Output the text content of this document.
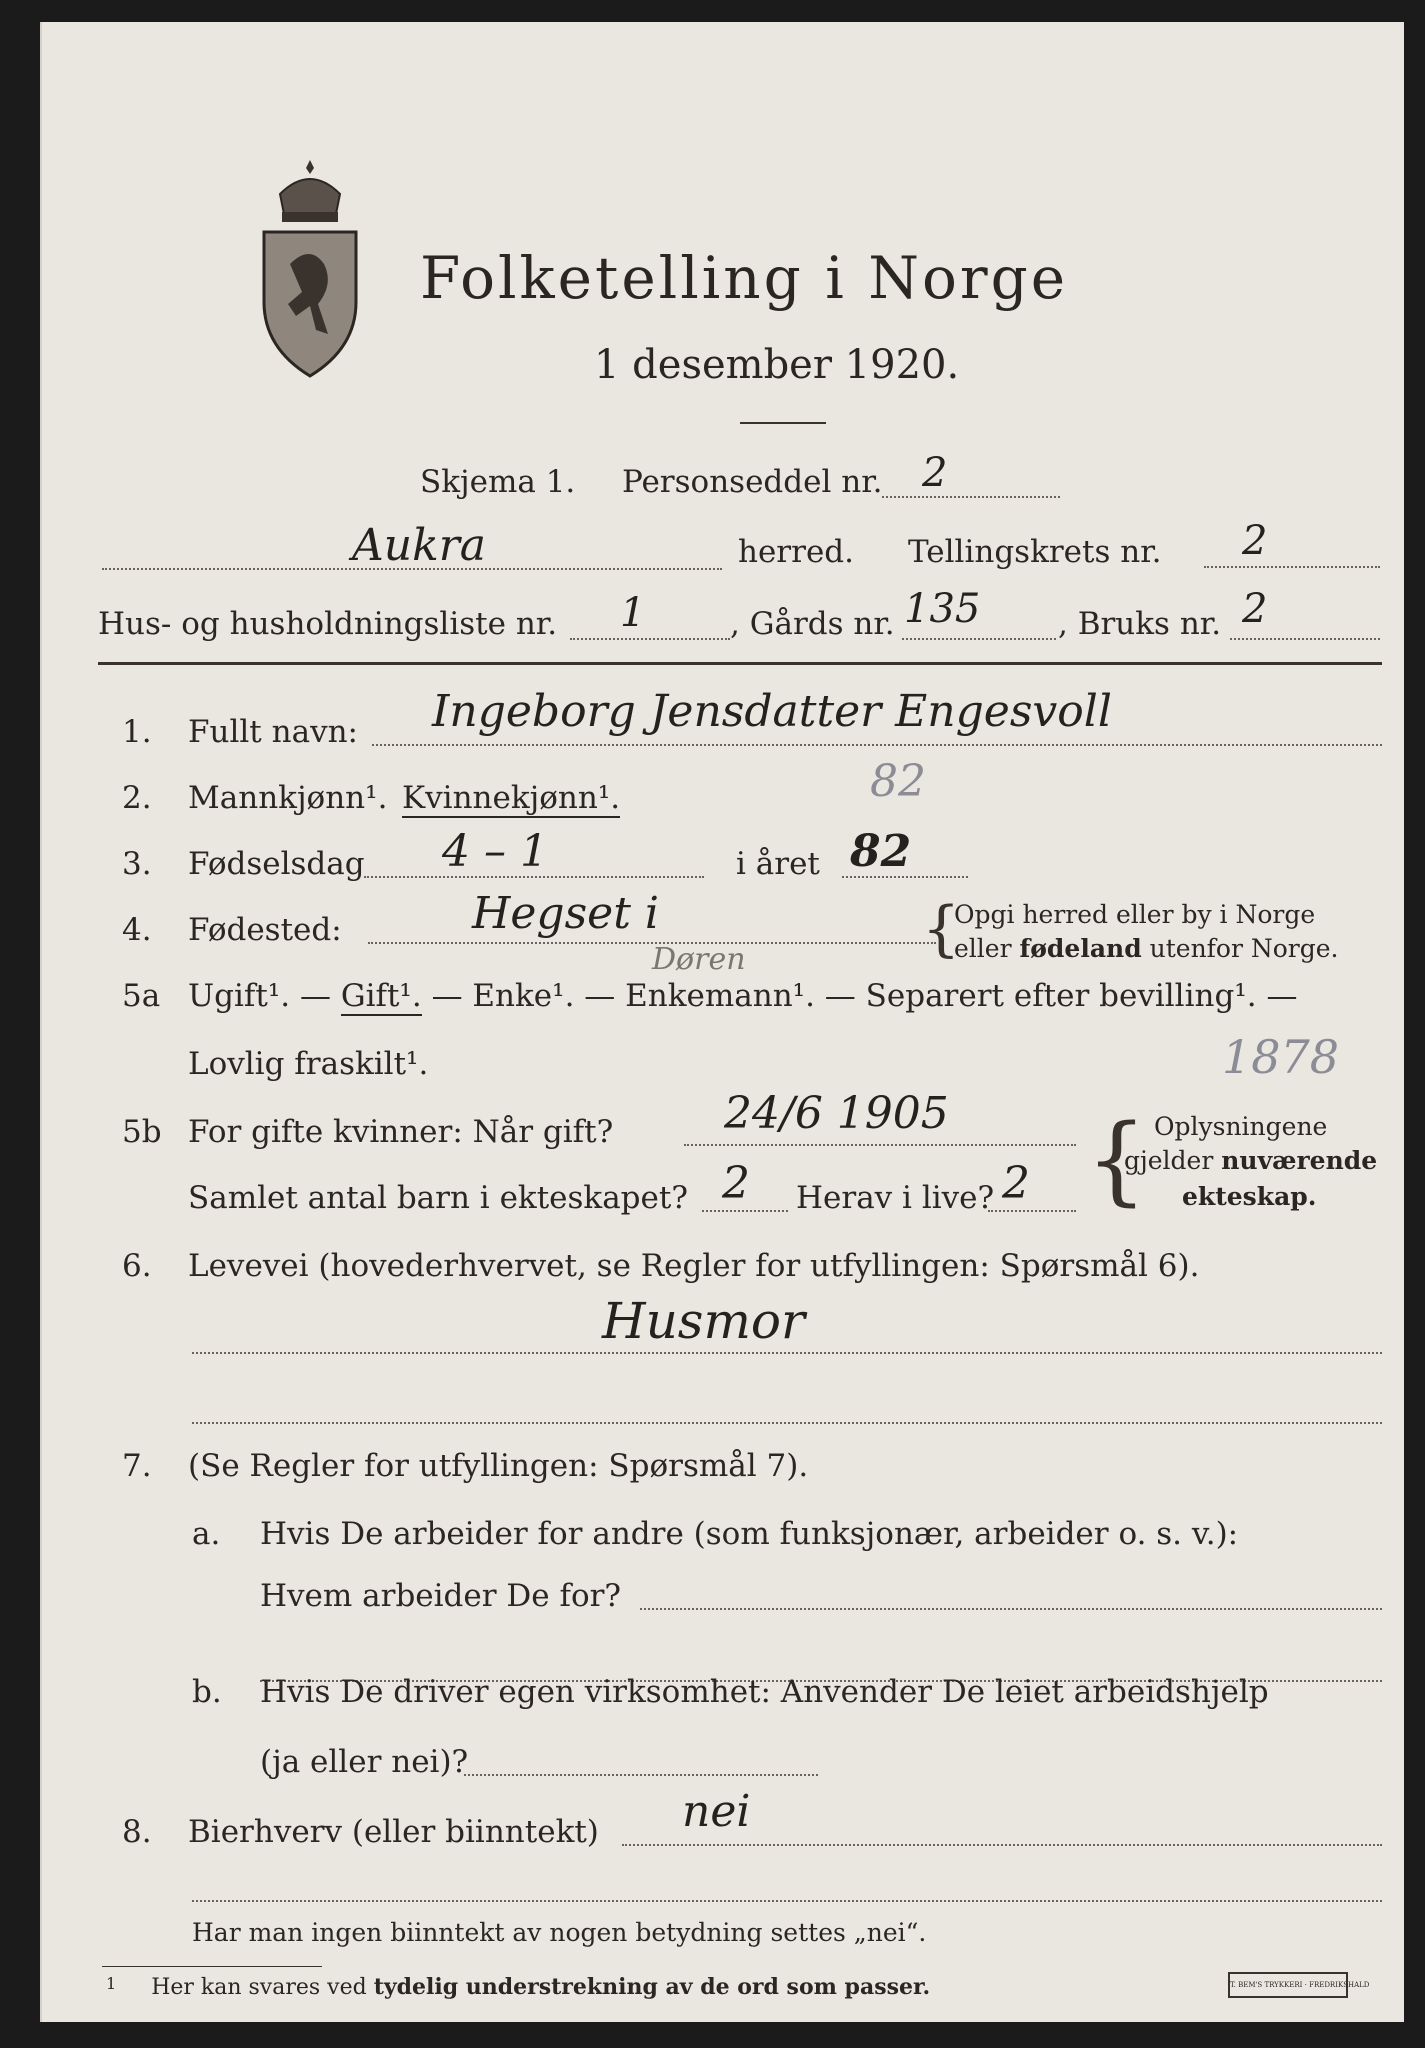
Folketelling i Norge
1 desember 1920.
Skjema 1. Personseddel nr. 2
Aukra	herred. Tellingskrets nr. 2
Hus- og husholdningsliste nr. 1	, Gårds nr. 135	, Bruks nr. 2
1. Fullt navn: Ingeborg Jensdatter Engesvoll
2. Mannkjønn¹. Kvinnekjønn¹.	82
3. Fødselsdag 4 – 1	i året 82
4. Fødested:	Hegset i
Døren	{
Opgi herred eller by i Norge
eller fødeland utenfor Norge.
5a Ugift¹. — Gift¹. — Enke¹. — Enkemann¹. — Separert efter bevilling¹. —
Lovlig fraskilt¹.	1878
5b For gifte kvinner: Når gift?	24/6 1905
Samlet antal barn i ekteskapet? 2 Herav i live? 2 { Oplysningene
gjelder nuværende
ekteskap.
6. Levevei (hovederhvervet, se Regler for utfyllingen: Spørsmål 6).
Husmor
7. (Se Regler for utfyllingen: Spørsmål 7).
a. Hvis De arbeider for andre (som funksjonær, arbeider o. s. v.):
Hvem arbeider De for?
b. Hvis De driver egen virksomhet: Anvender De leiet arbeidshjelp
(ja eller nei)?
8. Bierhverv (eller biinntekt) nei
Har man ingen biinntekt av nogen betydning settes „nei“.
$^1$ Her kan svares ved tydelig understrekning av de ord som passer.	T. BEM'S TRYKKERI · FREDRIKSHALD
